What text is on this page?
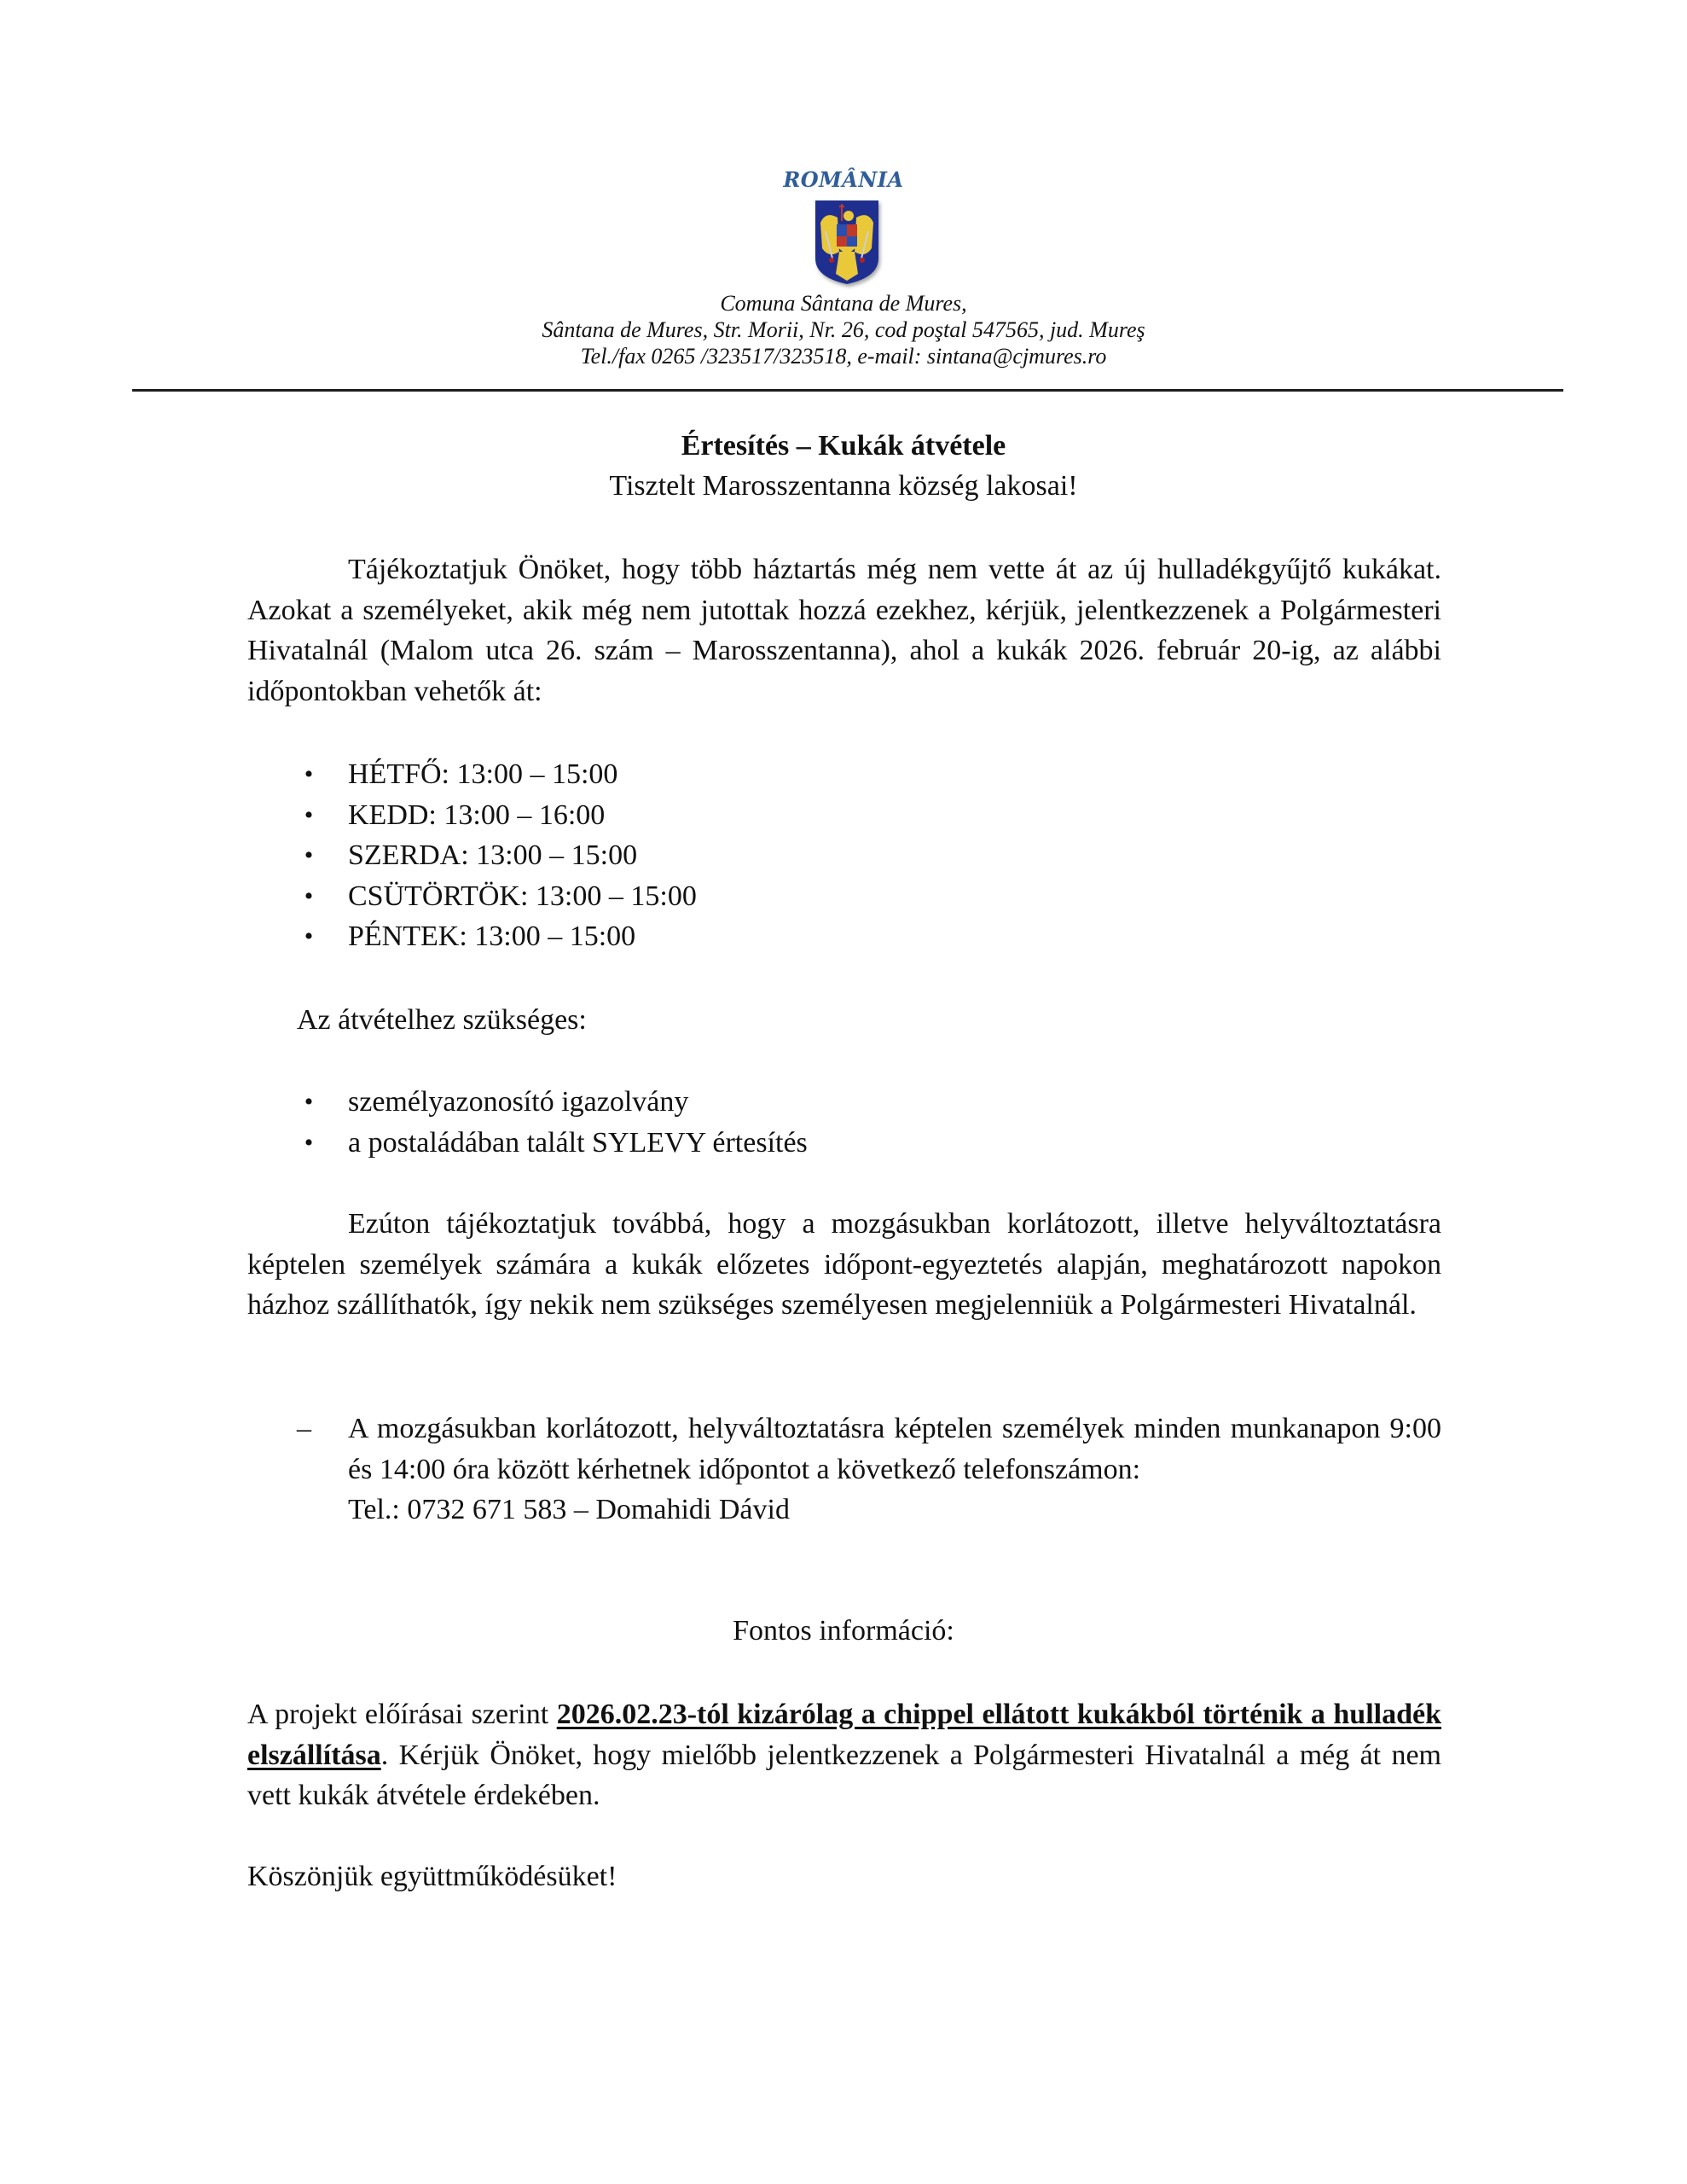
ROMÂNIA
Comuna Sântana de Mures,
Sântana de Mures, Str. Morii, Nr. 26, cod poştal 547565, jud. Mureş
Tel./fax 0265 /323517/323518, e-mail: sintana@cjmures.ro
Értesítés – Kukák átvétele
Tisztelt Marosszentanna község lakosai!
Tájékoztatjuk Önöket, hogy több háztartás még nem vette át az új hulladékgyűjtő kukákat. Azokat a személyeket, akik még nem jutottak hozzá ezekhez, kérjük, jelentkezzenek a Polgármesteri Hivatalnál (Malom utca 26. szám – Marosszentanna), ahol a kukák 2026. február 20-ig, az alábbi időpontokban vehetők át:
• HÉTFŐ: 13:00 – 15:00
• KEDD: 13:00 – 16:00
• SZERDA: 13:00 – 15:00
• CSÜTÖRTÖK: 13:00 – 15:00
• PÉNTEK: 13:00 – 15:00
Az átvételhez szükséges:
• személyazonosító igazolvány
• a postaládában talált SYLEVY értesítés
Ezúton tájékoztatjuk továbbá, hogy a mozgásukban korlátozott, illetve helyváltoztatásra képtelen személyek számára a kukák előzetes időpont-egyeztetés alapján, meghatározott napokon házhoz szállíthatók, így nekik nem szükséges személyesen megjelenniük a Polgármesteri Hivatalnál.
– A mozgásukban korlátozott, helyváltoztatásra képtelen személyek minden munkanapon 9:00 és 14:00 óra között kérhetnek időpontot a következő telefonszámon:
Tel.: 0732 671 583 – Domahidi Dávid
Fontos információ:
A projekt előírásai szerint 2026.02.23-tól kizárólag a chippel ellátott kukákból történik a hulladék elszállítása. Kérjük Önöket, hogy mielőbb jelentkezzenek a Polgármesteri Hivatalnál a még át nem vett kukák átvétele érdekében.
Köszönjük együttműködésüket!
